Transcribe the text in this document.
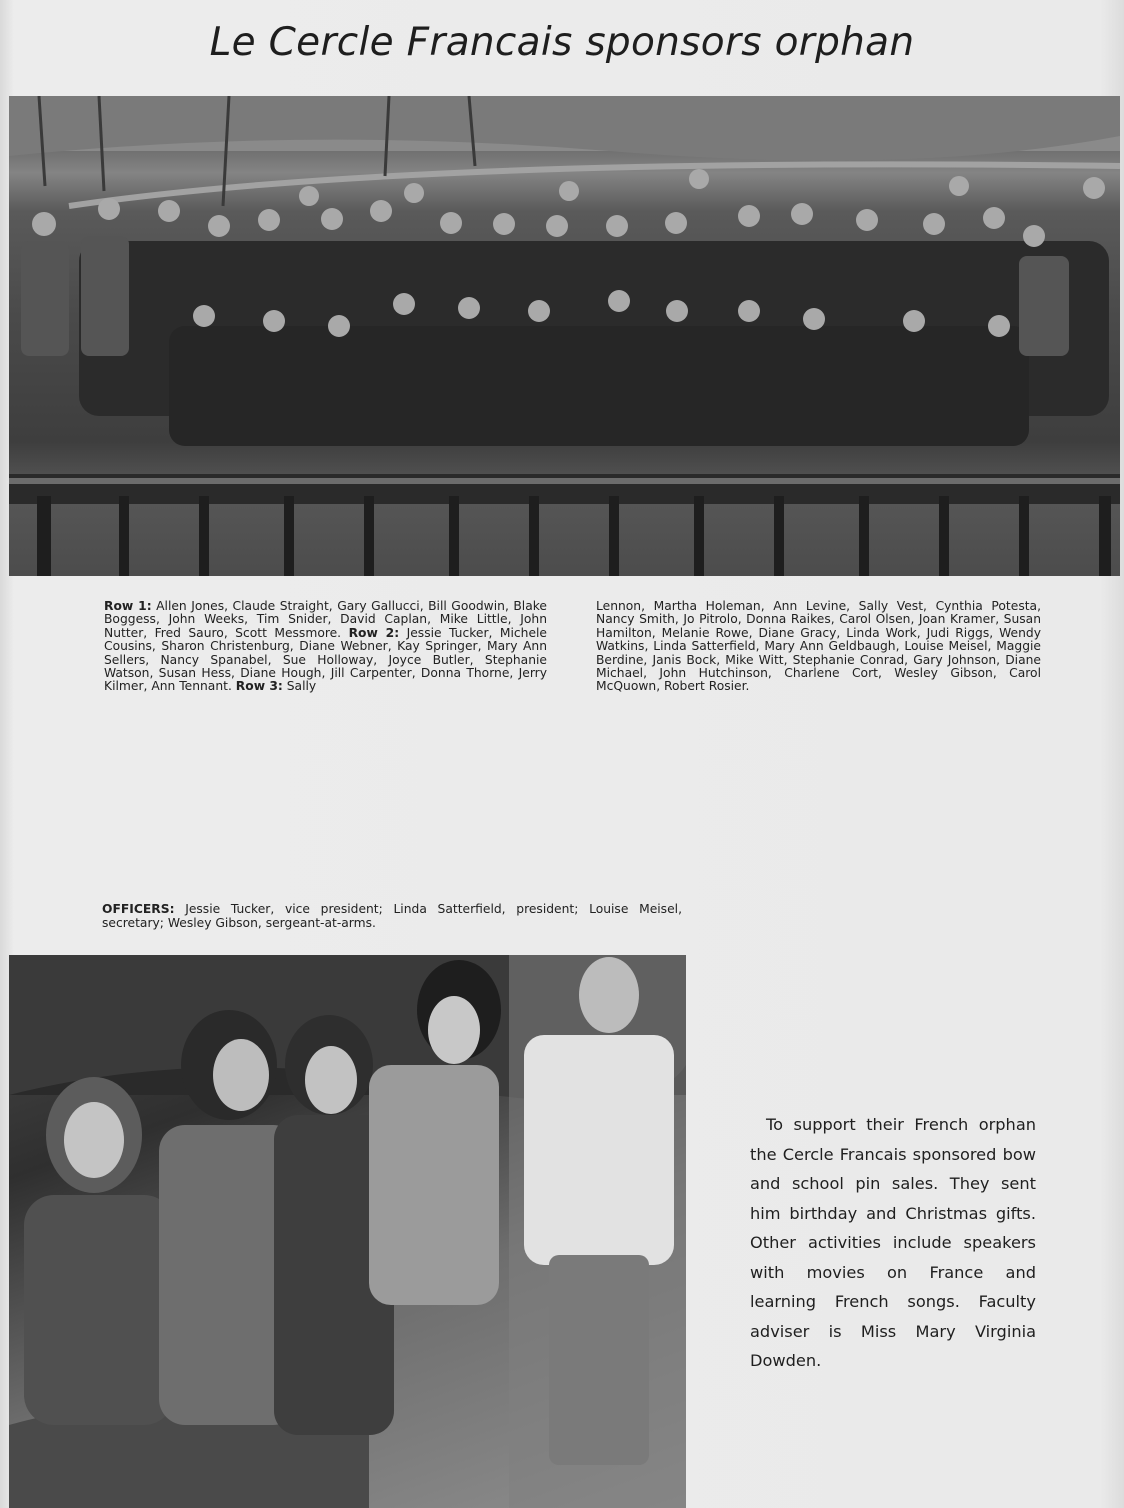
Le Cercle Francais sponsors orphan
Row 1: Allen Jones, Claude Straight, Gary Gallucci, Bill Goodwin, Blake Boggess, John Weeks, Tim Snider, David Caplan, Mike Little, John Nutter, Fred Sauro, Scott Messmore. Row 2: Jessie Tucker, Michele Cousins, Sharon Christenburg, Diane Webner, Kay Springer, Mary Ann Sellers, Nancy Spanabel, Sue Holloway, Joyce Butler, Stephanie Watson, Susan Hess, Diane Hough, Jill Carpenter, Donna Thorne, Jerry Kilmer, Ann Tennant. Row 3: Sally
Lennon, Martha Holeman, Ann Levine, Sally Vest, Cynthia Potesta, Nancy Smith, Jo Pitrolo, Donna Raikes, Carol Olsen, Joan Kramer, Susan Hamilton, Melanie Rowe, Diane Gracy, Linda Work, Judi Riggs, Wendy Watkins, Linda Satterfield, Mary Ann Geldbaugh, Louise Meisel, Maggie Berdine, Janis Bock, Mike Witt, Stephanie Conrad, Gary Johnson, Diane Michael, John Hutchinson, Charlene Cort, Wesley Gibson, Carol McQuown, Robert Rosier.
OFFICERS: Jessie Tucker, vice president; Linda Satterfield, president; Louise Meisel, secretary; Wesley Gibson, sergeant-at-arms.
To support their French orphan the Cercle Francais sponsored bow and school pin sales. They sent him birthday and Christmas gifts. Other activities include speakers with movies on France and learning French songs. Faculty adviser is Miss Mary Virginia Dowden.
